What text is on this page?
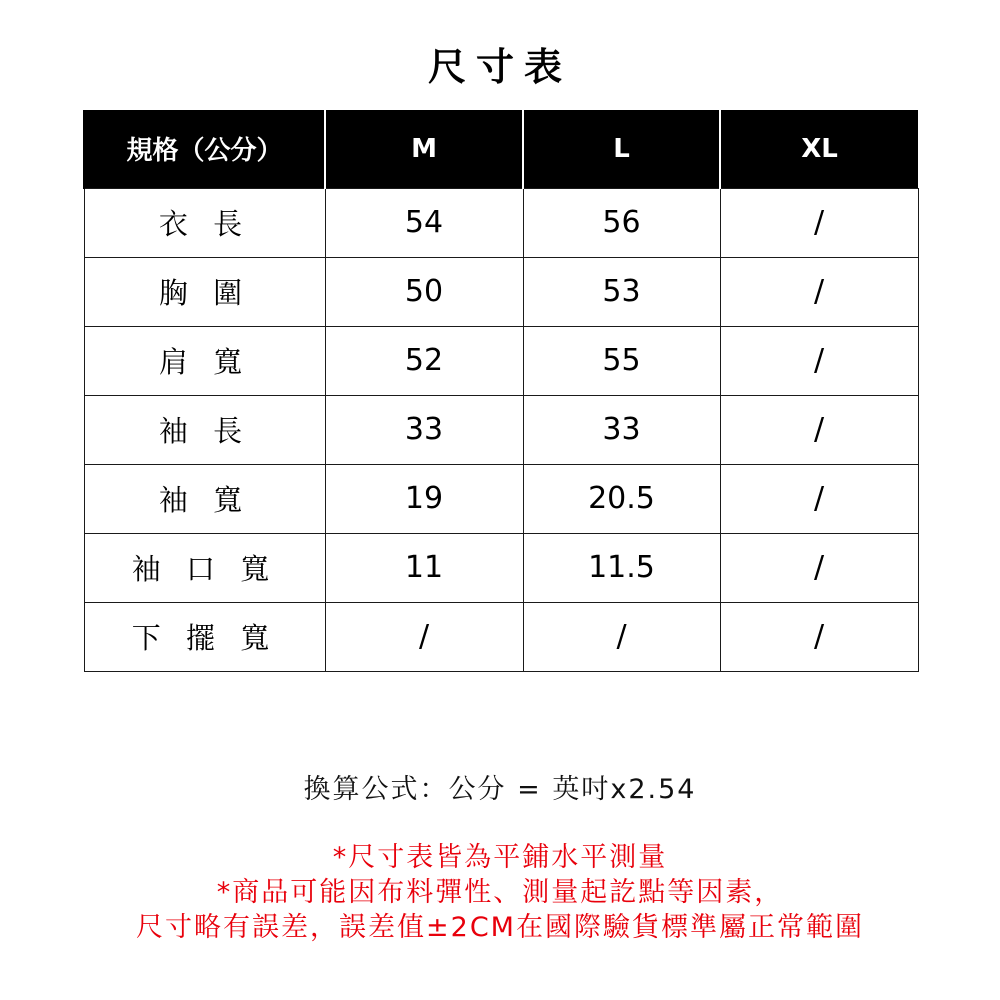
尺寸表
規格（公分）	M	L	XL
衣 長	54	56	/
胸 圍	50	53	/
肩 寬	52	55	/
袖 長	33	33	/
袖 寬	19	20.5	/
袖 口 寬	11	11.5	/
下 擺 寬	/	/	/
換算公式：公分 = 英吋x2.54
*尺寸表皆為平鋪水平測量
*商品可能因布料彈性、測量起訖點等因素，
尺寸略有誤差，誤差值±2CM在國際驗貨標準屬正常範圍
